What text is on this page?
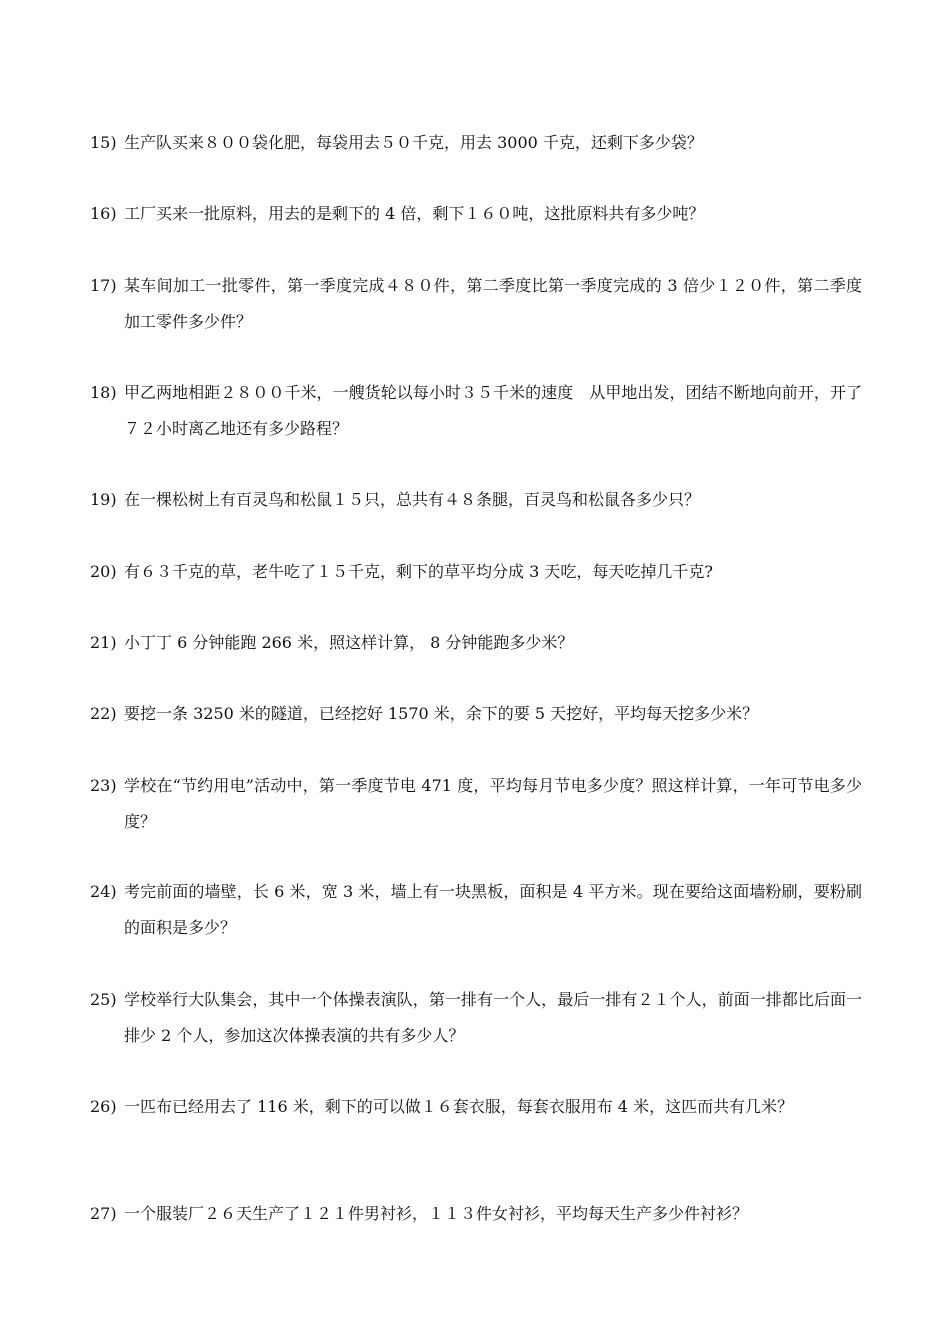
15) 生产队买来８００袋化肥，每袋用去５０千克，用去 3000 千克，还剩下多少袋？
16) 工厂买来一批原料，用去的是剩下的 4 倍，剩下１６０吨，这批原料共有多少吨？
17) 某车间加工一批零件，第一季度完成４８０件，第二季度比第一季度完成的 3 倍少１２０件，第二季度加工零件多少件？
18) 甲乙两地相距２８００千米，一艘货轮以每小时３５千米的速度　从甲地出发，团结不断地向前开，开了７２小时离乙地还有多少路程？
19) 在一棵松树上有百灵鸟和松鼠１５只，总共有４８条腿，百灵鸟和松鼠各多少只？
20) 有６３千克的草，老牛吃了１５千克，剩下的草平均分成 3 天吃，每天吃掉几千克?
21) 小丁丁 6 分钟能跑 266 米，照这样计算， 8 分钟能跑多少米？
22) 要挖一条 3250 米的隧道，已经挖好 1570 米，余下的要 5 天挖好，平均每天挖多少米？
23) 学校在“节约用电”活动中，第一季度节电 471 度，平均每月节电多少度？照这样计算，一年可节电多少度？
24) 考完前面的墙壁，长 6 米，宽 3 米，墙上有一块黑板，面积是 4 平方米。现在要给这面墙粉刷，要粉刷的面积是多少？
25) 学校举行大队集会，其中一个体操表演队，第一排有一个人，最后一排有２１个人，前面一排都比后面一排少 2 个人，参加这次体操表演的共有多少人？
26) 一匹布已经用去了 116 米，剩下的可以做１６套衣服，每套衣服用布 4 米，这匹而共有几米？
27) 一个服装厂２６天生产了１２１件男衬衫，１１３件女衬衫，平均每天生产多少件衬衫？
